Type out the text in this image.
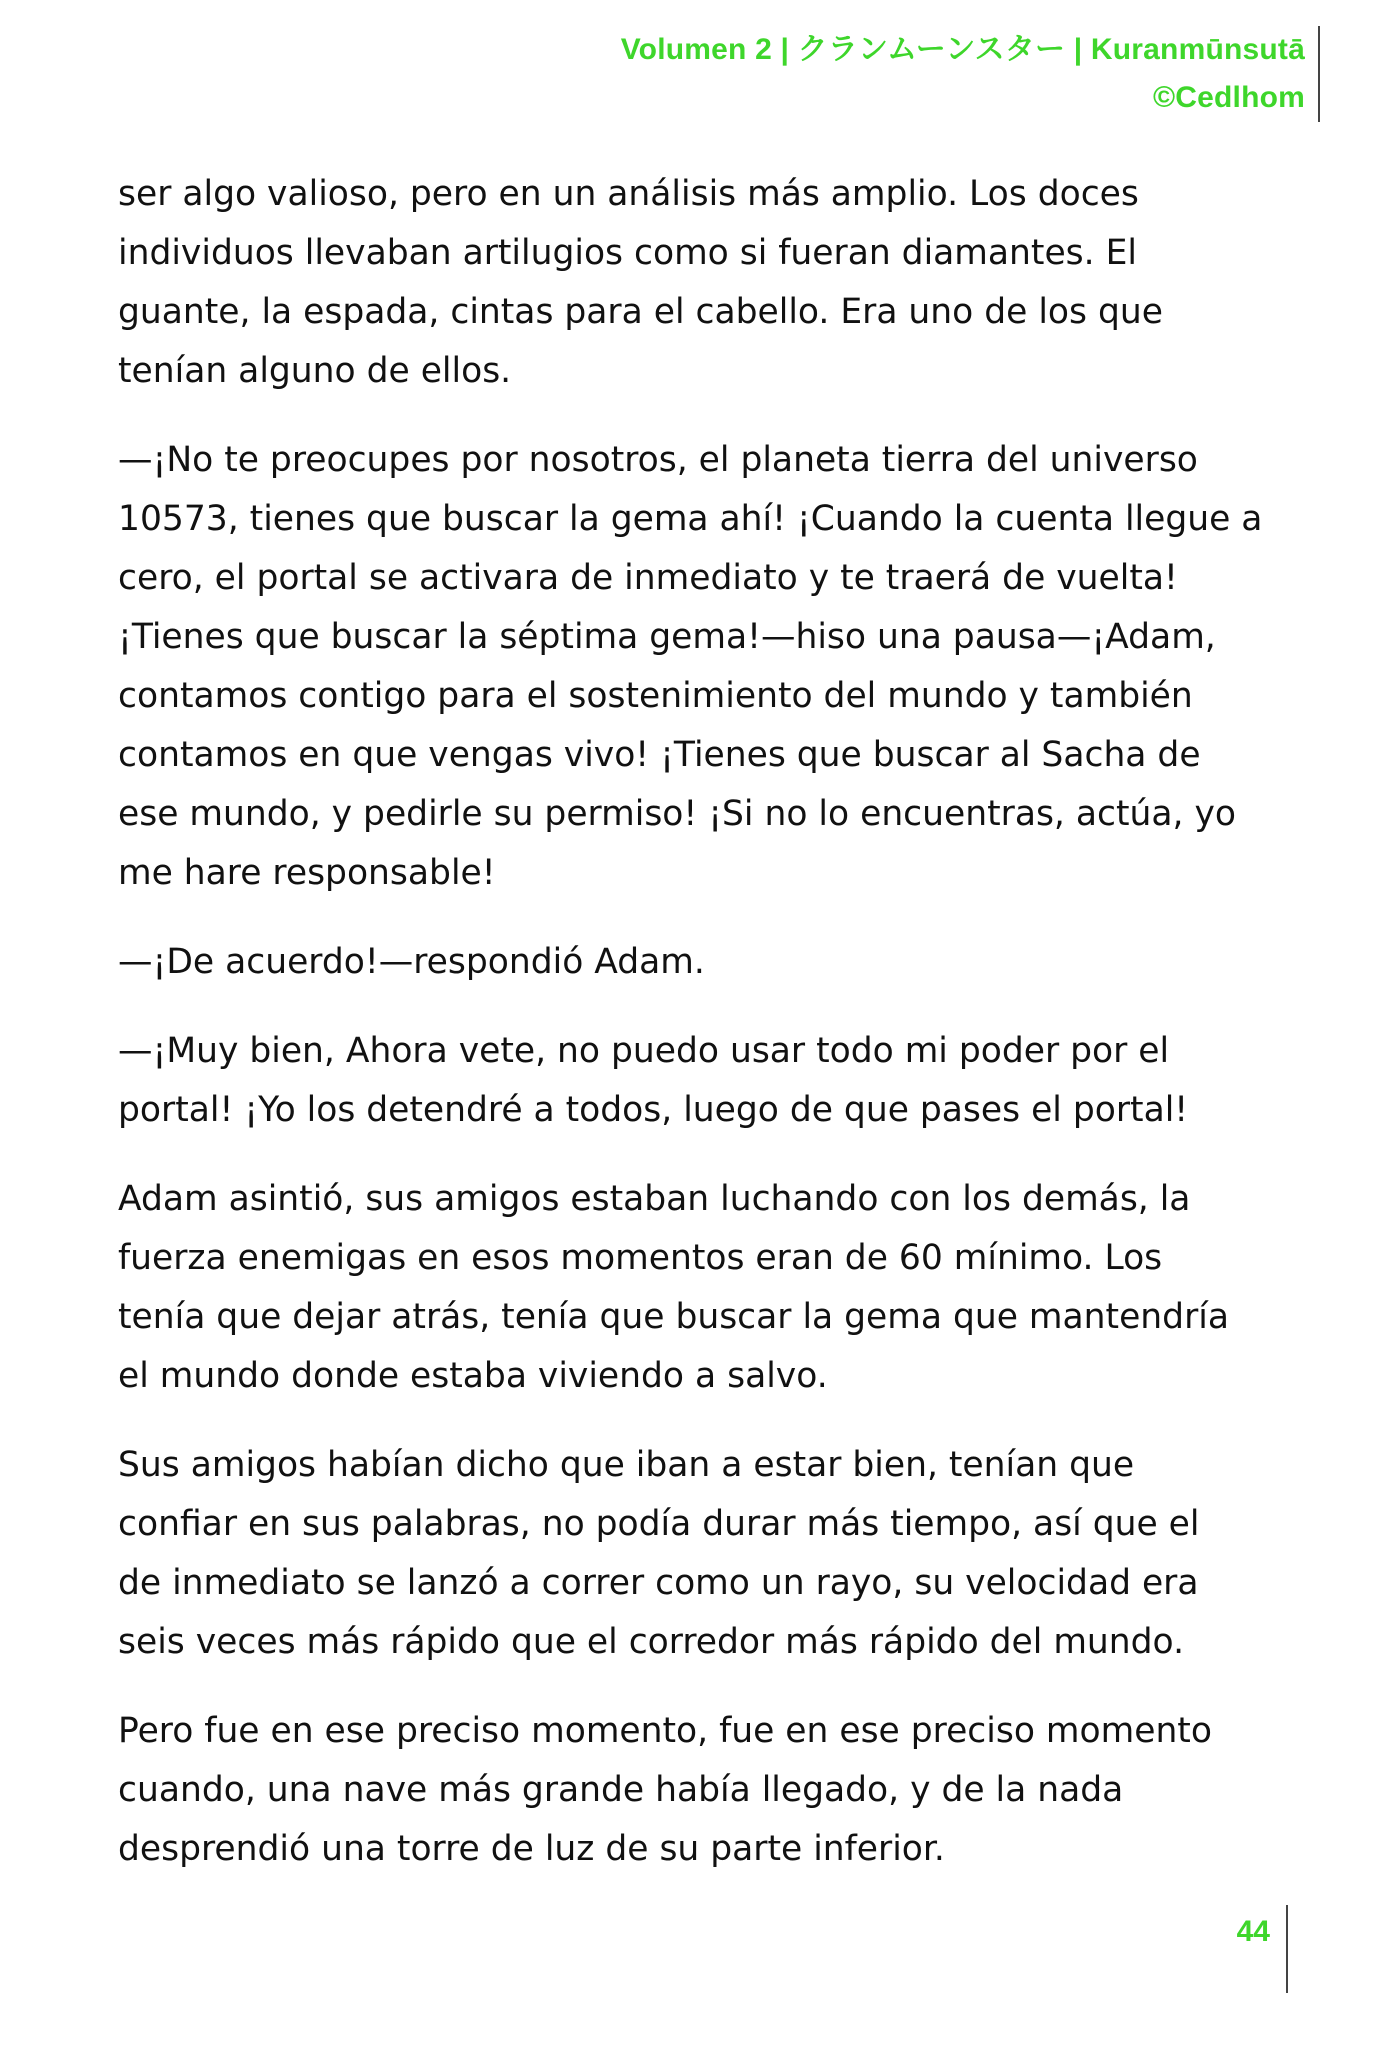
Volumen 2 | クランムーンスター | Kuranmūnsutā
©Cedlhom

ser algo valioso, pero en un análisis más amplio. Los doces
individuos llevaban artilugios como si fueran diamantes. El
guante, la espada, cintas para el cabello. Era uno de los que
tenían alguno de ellos.

—¡No te preocupes por nosotros, el planeta tierra del universo
10573, tienes que buscar la gema ahí! ¡Cuando la cuenta llegue a
cero, el portal se activara de inmediato y te traerá de vuelta!
¡Tienes que buscar la séptima gema!—hiso una pausa—¡Adam,
contamos contigo para el sostenimiento del mundo y también
contamos en que vengas vivo! ¡Tienes que buscar al Sacha de
ese mundo, y pedirle su permiso! ¡Si no lo encuentras, actúa, yo
me hare responsable!

—¡De acuerdo!—respondió Adam.

—¡Muy bien, Ahora vete, no puedo usar todo mi poder por el
portal! ¡Yo los detendré a todos, luego de que pases el portal!

Adam asintió, sus amigos estaban luchando con los demás, la
fuerza enemigas en esos momentos eran de 60 mínimo. Los
tenía que dejar atrás, tenía que buscar la gema que mantendría
el mundo donde estaba viviendo a salvo.

Sus amigos habían dicho que iban a estar bien, tenían que
confiar en sus palabras, no podía durar más tiempo, así que el
de inmediato se lanzó a correr como un rayo, su velocidad era
seis veces más rápido que el corredor más rápido del mundo.

Pero fue en ese preciso momento, fue en ese preciso momento
cuando, una nave más grande había llegado, y de la nada
desprendió una torre de luz de su parte inferior.

44
